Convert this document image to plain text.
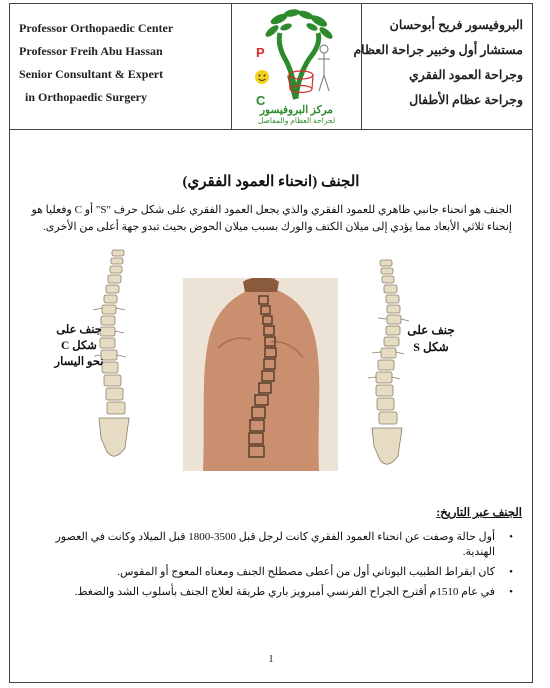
Professor Orthopaedic Center
Professor Freih Abu Hassan
Senior Consultant & Expert
in Orthopaedic Surgery
P
C
مركز البروفيسور
لجراحة العظام والمفاصل
البروفيسور فريح أبوحسان
مستشار أول وخبير جراحة العظام
وجراحة العمود الفقري
وجراحة عظام الأطفال
الجنف (انحناء العمود الفقري)
الجنف هو انحناء جانبي ظاهري للعمود الفقري والذي يجعل العمود الفقري على شكل حرف "S" أو C وفعليا هو إنحناء ثلاثي الأبعاد مما يؤدي إلى ميلان الكتف والورك بسبب ميلان الحوض بحيث تبدو جهة أعلى من الأخرى.
جنف على
شكل C
نحو اليسار
جنف على
شكل S
الجنف عبر التاريخ:
•
أول حالة وصفت عن انحناء العمود الفقري كانت لرجل قبل 3500-1800 قبل الميلاد وكانت في العصور الهندية.
•
كان ابقراط الطبيب اليوناني أول من أعطى مصطلح الجنف ومعناه المعوج أو المقوس.
•
في عام 1510م أقترح الجراح الفرنسي أمبرويز باري طريقة لعلاج الجنف بأسلوب الشد والضغط.
1
